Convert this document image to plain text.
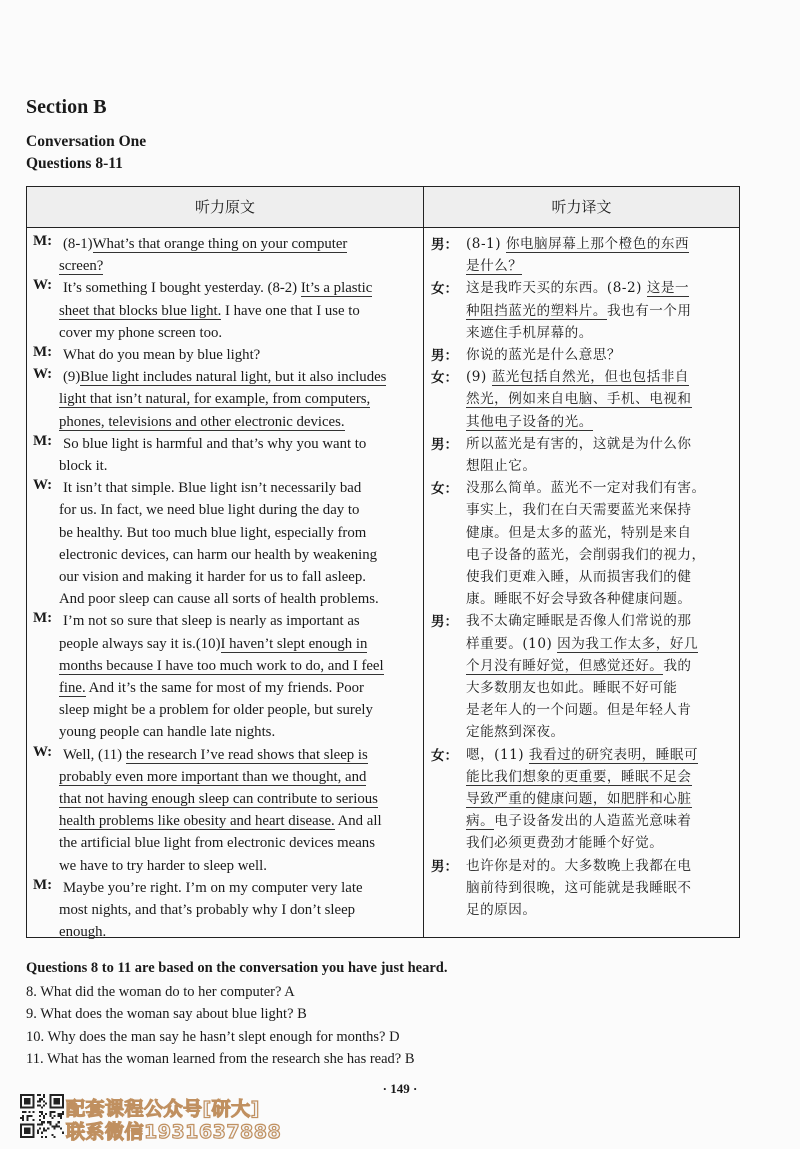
Section B
Conversation One
Questions 8-11
听力原文	听力译文
M: (8-1)What’s that orange thing on your computer
screen?
W: It’s something I bought yesterday. (8-2) It’s a plastic
sheet that blocks blue light. I have one that I use to
cover my phone screen too.
M: What do you mean by blue light?
W: (9)Blue light includes natural light, but it also includes
light that isn’t natural, for example, from computers,
phones, televisions and other electronic devices.
M: So blue light is harmful and that’s why you want to
block it.
W: It isn’t that simple. Blue light isn’t necessarily bad
for us. In fact, we need blue light during the day to
be healthy. But too much blue light, especially from
electronic devices, can harm our health by weakening
our vision and making it harder for us to fall asleep.
And poor sleep can cause all sorts of health problems.
M: I’m not so sure that sleep is nearly as important as
people always say it is.(10)I haven’t slept enough in
months because I have too much work to do, and I feel
fine. And it’s the same for most of my friends. Poor
sleep might be a problem for older people, but surely
young people can handle late nights.
W: Well, (11) the research I’ve read shows that sleep is
probably even more important than we thought, and
that not having enough sleep can contribute to serious
health problems like obesity and heart disease. And all
the artificial blue light from electronic devices means
we have to try harder to sleep well.
M: Maybe you’re right. I’m on my computer very late
most nights, and that’s probably why I don’t sleep
enough.
男： (8-1) 你电脑屏幕上那个橙色的东西
是什么？
女： 这是我昨天买的东西。(8-2) 这是一
种阻挡蓝光的塑料片。我也有一个用
来遮住手机屏幕的。
男： 你说的蓝光是什么意思？
女： (9) 蓝光包括自然光，但也包括非自
然光，例如来自电脑、手机、电视和
其他电子设备的光。
男： 所以蓝光是有害的，这就是为什么你
想阻止它。
女： 没那么简单。蓝光不一定对我们有害。
事实上，我们在白天需要蓝光来保持
健康。但是太多的蓝光，特别是来自
电子设备的蓝光，会削弱我们的视力，
使我们更难入睡，从而损害我们的健
康。睡眠不好会导致各种健康问题。
男： 我不太确定睡眠是否像人们常说的那
样重要。(10) 因为我工作太多，好几
个月没有睡好觉，但感觉还好。我的
大多数朋友也如此。睡眠不好可能
是老年人的一个问题。但是年轻人肯
定能熬到深夜。
女： 嗯，(11) 我看过的研究表明，睡眠可
能比我们想象的更重要，睡眠不足会
导致严重的健康问题，如肥胖和心脏
病。电子设备发出的人造蓝光意味着
我们必须更费劲才能睡个好觉。
男： 也许你是对的。大多数晚上我都在电
脑前待到很晚，这可能就是我睡眠不
足的原因。
Questions 8 to 11 are based on the conversation you have just heard.
8. What did the woman do to her computer? A
9. What does the woman say about blue light? B
10. Why does the man say he hasn’t slept enough for months? D
11. What has the woman learned from the research she has read? B
· 149 ·
配套课程公众号[研大]
联系微信1931637888
